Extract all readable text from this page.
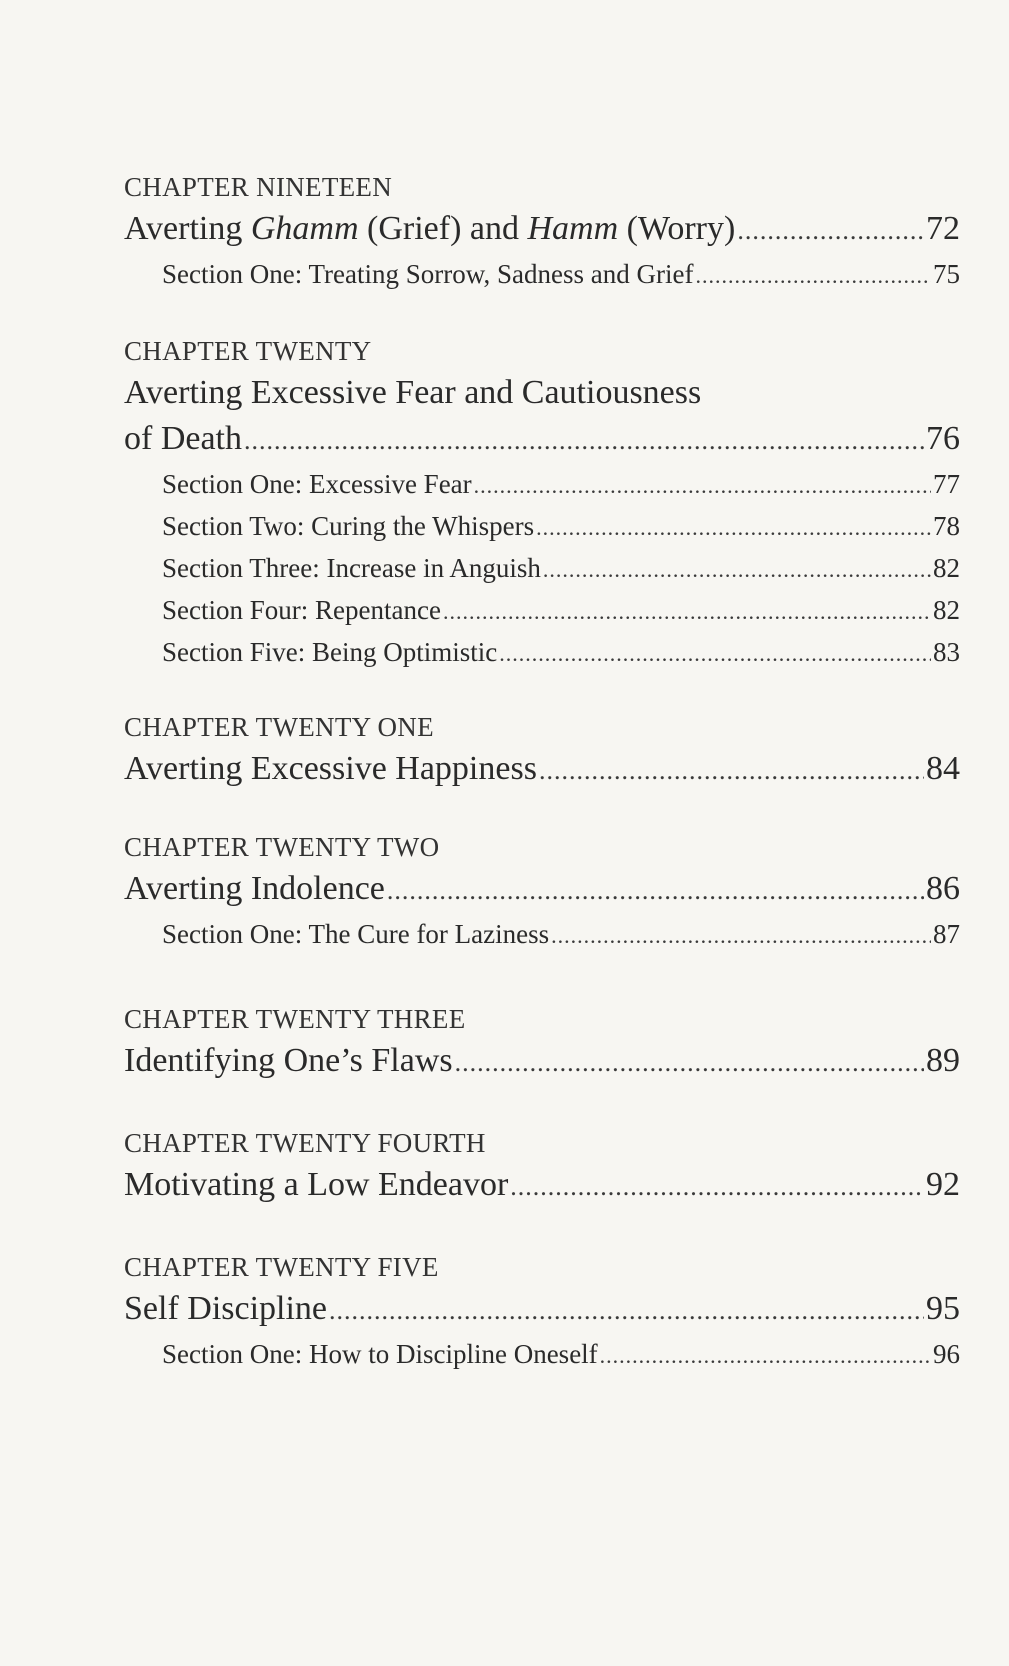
CHAPTER NINETEEN
Averting Ghamm (Grief) and Hamm (Worry) .....	72
Section One: Treating Sorrow, Sadness and Grief .....	75
CHAPTER TWENTY
Averting Excessive Fear and Cautiousness
of Death .....	76
Section One: Excessive Fear .....	77
Section Two: Curing the Whispers .....	78
Section Three: Increase in Anguish .....	82
Section Four: Repentance .....	82
Section Five: Being Optimistic .....	83
CHAPTER TWENTY ONE
Averting Excessive Happiness .....	84
CHAPTER TWENTY TWO
Averting Indolence .....	86
Section One: The Cure for Laziness .....	87
CHAPTER TWENTY THREE
Identifying One’s Flaws .....	89
CHAPTER TWENTY FOURTH
Motivating a Low Endeavor .....	92
CHAPTER TWENTY FIVE
Self Discipline .....	95
Section One: How to Discipline Oneself .....	96
